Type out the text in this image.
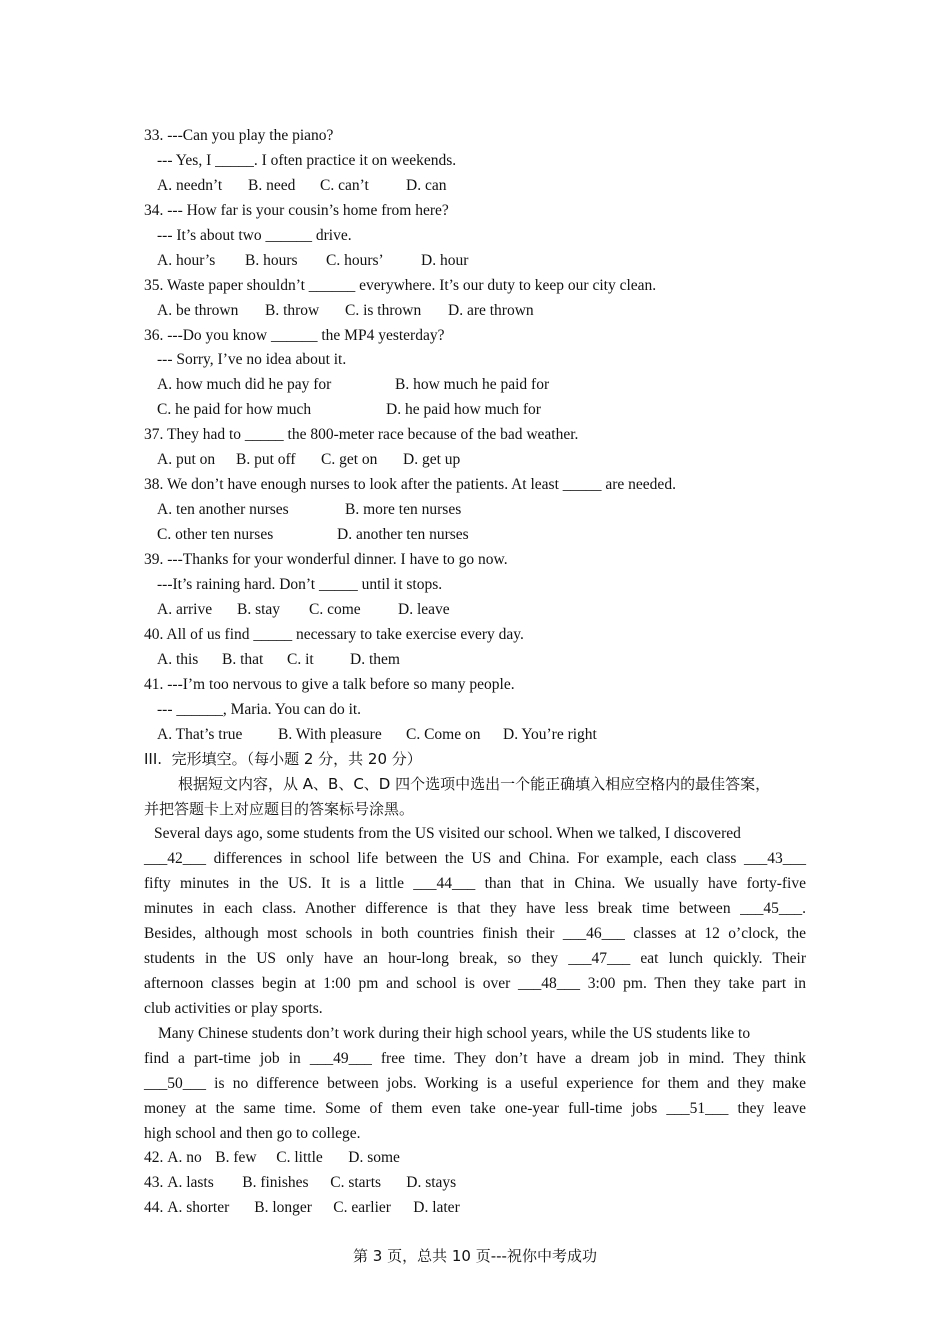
33. ---Can you play the piano?
--- Yes, I _____. I often practice it on weekends.
A. needn’t B. need C. can’t D. can
34. --- How far is your cousin’s home from here?
--- It’s about two ______ drive.
A. hour’s B. hours C. hours’ D. hour
35. Waste paper shouldn’t ______ everywhere. It’s our duty to keep our city clean.
A. be thrown B. throw C. is thrown D. are thrown
36. ---Do you know ______ the MP4 yesterday?
--- Sorry, I’ve no idea about it.
A. how much did he pay for	B. how much he paid for
C. he paid for how much	D. he paid how much for
37. They had to _____ the 800-meter race because of the bad weather.
A. put on B. put off C. get on D. get up
38. We don’t have enough nurses to look after the patients. At least _____ are needed.
A. ten another nurses	B. more ten nurses
C. other ten nurses	D. another ten nurses
39. ---Thanks for your wonderful dinner. I have to go now.
---It’s raining hard. Don’t _____ until it stops.
A. arrive B. stay C. come D. leave
40. All of us find _____ necessary to take exercise every day.
A. this B. that C. it D. them
41. ---I’m too nervous to give a talk before so many people.
--- ______, Maria. You can do it.
A. That’s true B. With pleasure C. Come on D. You’re right
III.  完形填空。（每小题 2 分，共 20 分）
根据短文内容，从 A、B、C、D 四个选项中选出一个能正确填入相应空格内的最佳答案，
并把答题卡上对应题目的答案标号涂黑。
Several days ago, some students from the US visited our school. When we talked, I discovered
___42___ differences in school life between the US and China. For example, each class ___43___
fifty minutes in the US. It is a little ___44___ than that in China. We usually have forty-five
minutes in each class. Another difference is that they have less break time between ___45___.
Besides, although most schools in both countries finish their ___46___ classes at 12 o’clock, the
students in the US only have an hour-long break, so they ___47___ eat lunch quickly. Their
afternoon classes begin at 1:00 pm and school is over ___48___ 3:00 pm. Then they take part in
club activities or play sports.
Many Chinese students don’t work during their high school years, while the US students like to
find a part-time job in ___49___ free time. They don’t have a dream job in mind. They think
___50___ is no difference between jobs. Working is a useful experience for them and they make
money at the same time. Some of them even take one-year full-time jobs ___51___ they leave
high school and then go to college.
42. A. no B. few C. little D. some
43. A. lasts B. finishes C. starts D. stays
44. A. shorter B. longer C. earlier D. later
第 3 页，总共 10 页---祝你中考成功
